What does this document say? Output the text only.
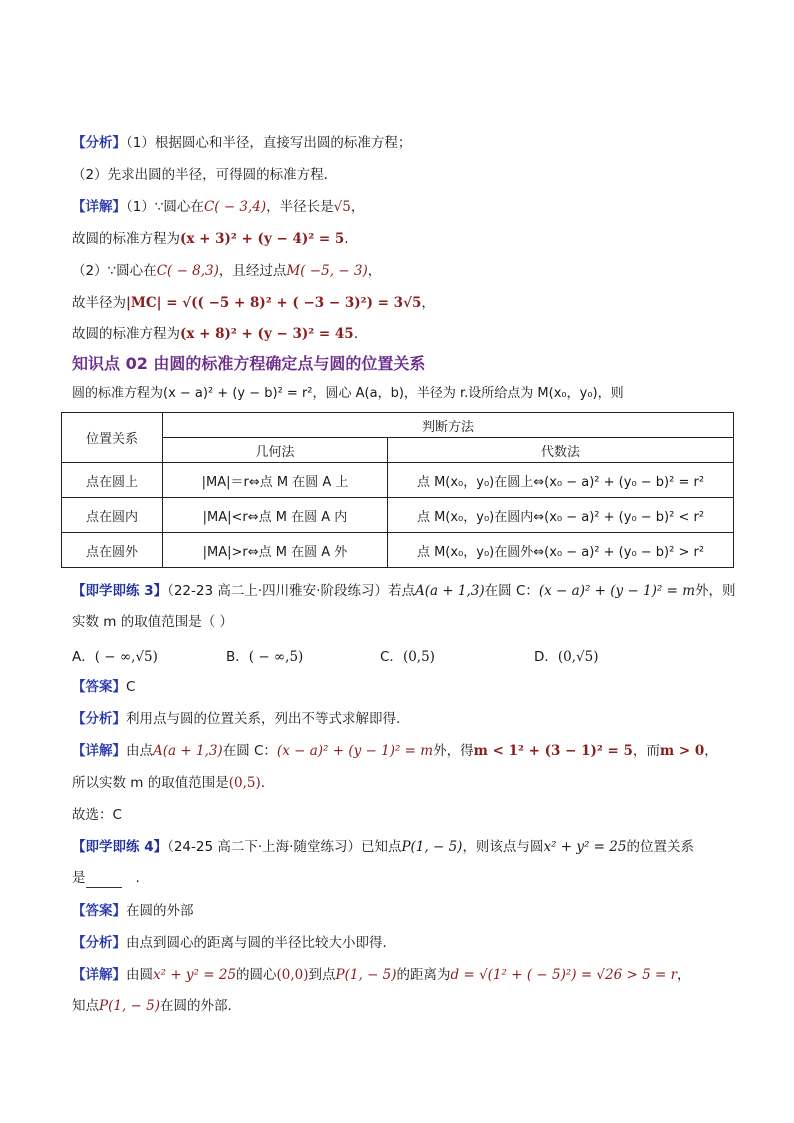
【分析】（1）根据圆心和半径，直接写出圆的标准方程；
（2）先求出圆的半径，可得圆的标准方程．
【详解】（1）∵圆心在C( − 3,4)，半径长是√5，
故圆的标准方程为(x + 3)² + (y − 4)² = 5.
（2）∵圆心在C( − 8,3)，且经过点M( −5, − 3)，
故半径为|MC| = √(( −5 + 8)² + ( −3 − 3)²) = 3√5，
故圆的标准方程为(x + 8)² + (y − 3)² = 45.
知识点 02 由圆的标准方程确定点与圆的位置关系
圆的标准方程为(x − a)² + (y − b)² = r²，圆心 A(a，b)，半径为 r.设所给点为 M(x₀，y₀)，则
位置关系	判断方法	
	几何法	代数法
点在圆上	|MA|＝r⇔点 M 在圆 A 上	点 M(x₀，y₀)在圆上⇔(x₀ − a)² + (y₀ − b)² = r²
点在圆内	|MA|<r⇔点 M 在圆 A 内	点 M(x₀，y₀)在圆内⇔(x₀ − a)² + (y₀ − b)² < r²
点在圆外	|MA|>r⇔点 M 在圆 A 外	点 M(x₀，y₀)在圆外⇔(x₀ − a)² + (y₀ − b)² > r²
【即学即练 3】（22-23 高二上·四川雅安·阶段练习）若点A(a + 1,3)在圆 C：(x − a)² + (y − 1)² = m外，则
实数 m 的取值范围是（ ）
A．( − ∞,√5)	B．( − ∞,5)	C．(0,5)	D．(0,√5)
【答案】C
【分析】利用点与圆的位置关系，列出不等式求解即得.
【详解】由点A(a + 1,3)在圆 C：(x − a)² + (y − 1)² = m外，得m < 1² + (3 − 1)² = 5，而m > 0，
所以实数 m 的取值范围是(0,5).
故选：C
【即学即练 4】（24-25 高二下·上海·随堂练习）已知点P(1, − 5)，则该点与圆x² + y² = 25的位置关系
是	.
【答案】在圆的外部
【分析】由点到圆心的距离与圆的半径比较大小即得.
【详解】由圆x² + y² = 25的圆心(0,0)到点P(1, − 5)的距离为d = √(1² + ( − 5)²) = √26 > 5 = r，
知点P(1, − 5)在圆的外部.
